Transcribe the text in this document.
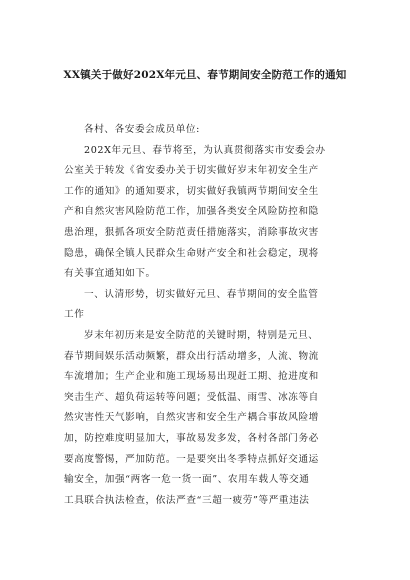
XX镇关于做好202X年元旦、春节期间安全防范工作的通知
各村、各安委会成员单位:
202X年元旦、春节将至，为认真贯彻落实市安委会办
公室关于转发《省安委办关于切实做好岁末年初安全生产
工作的通知》的通知要求，切实做好我镇两节期间安全生
产和自然灾害风险防范工作，加强各类安全风险防控和隐
患治理，狠抓各项安全防范责任措施落实，消除事故灾害
隐患，确保全镇人民群众生命财产安全和社会稳定，现将
有关事宜通知如下。
一、认清形势，切实做好元旦、春节期间的安全监管
工作
岁末年初历来是安全防范的关键时期，特别是元旦、
春节期间娱乐活动频繁，群众出行活动增多，人流、物流
车流增加；生产企业和施工现场易出现赶工期、抢进度和
突击生产、超负荷运转等问题；受低温、雨雪、冰冻等自
然灾害性天气影响，自然灾害和安全生产耦合事故风险增
加，防控难度明显加大，事故易发多发，各村各部门务必
要高度警惕，严加防范。一是要突出冬季特点抓好交通运
输安全，加强“两客一危一货一面”、农用车载人等交通
工具联合执法检查，依法严查“三超一疲劳”等严重违法
